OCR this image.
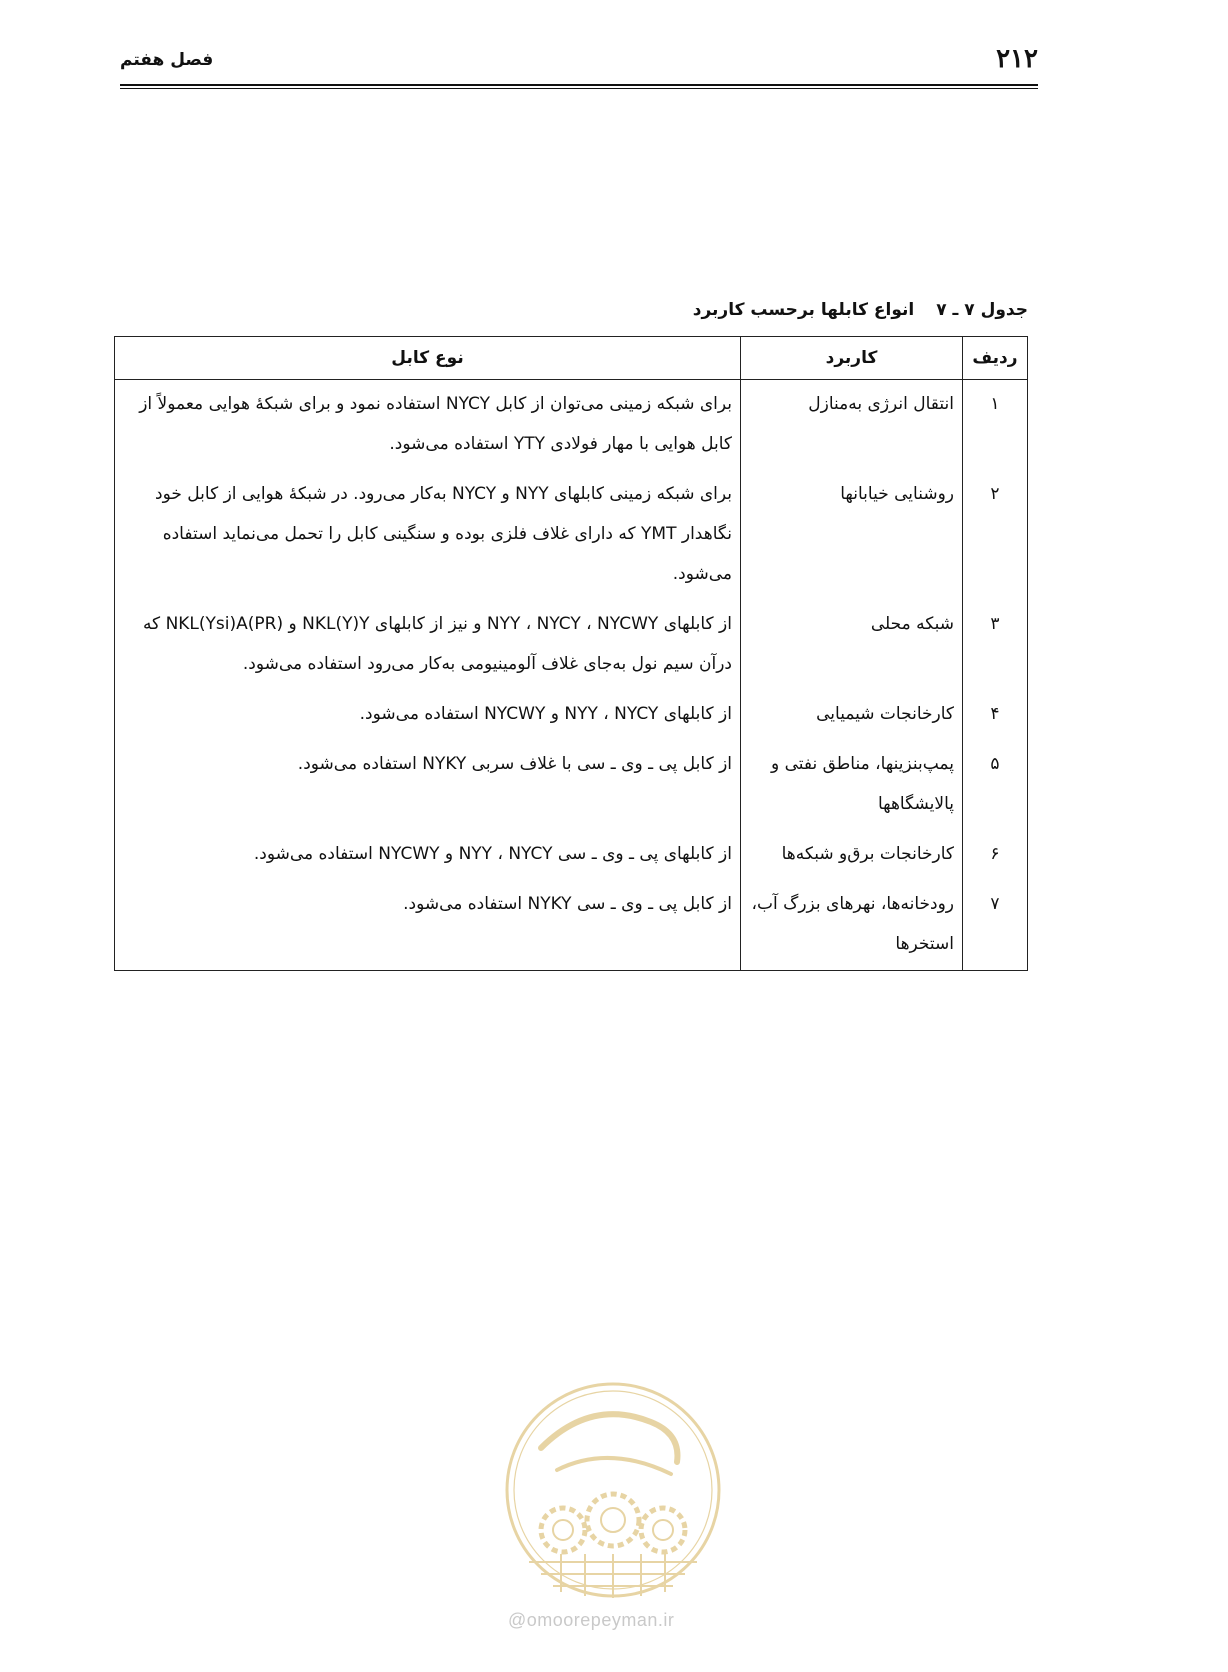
۲۱۲
فصل هفتم
جدول ۷ ـ ۷انواع کابلها برحسب کاربرد
ردیف	کاربرد	نوع کابل
۱	انتقال انرژی به‌منازل	برای شبکه زمینی می‌توان از کابل NYCY استفاده نمود و برای شبکهٔ هوایی معمولاً از کابل هوایی با مهار فولادی YTY استفاده می‌شود.
۲	روشنایی خیابانها	برای شبکه زمینی کابلهای NYY و NYCY به‌کار می‌رود. در شبکهٔ هوایی از کابل خود نگاهدار YMT که دارای غلاف فلزی بوده و سنگینی کابل را تحمل می‌نماید استفاده می‌شود.
۳	شبکه محلی	از کابلهای NYY ، NYCY ، NYCWY و نیز از کابلهای NKL(Y)Y و NKL(Ysi)A(PR) که درآن سیم نول به‌جای غلاف آلومینیومی به‌کار می‌رود استفاده می‌شود.
۴	کارخانجات شیمیایی	از کابلهای NYY ، NYCY و NYCWY استفاده می‌شود.
۵	پمپ‌بنزینها، مناطق نفتی و پالایشگاهها	از کابل پی ـ وی ـ سی با غلاف سربی NYKY استفاده می‌شود.
۶	کارخانجات برق‌و شبکه‌ها	از کابلهای پی ـ وی ـ سی NYY ، NYCY و NYCWY استفاده می‌شود.
۷	رودخانه‌ها، نهرهای بزرگ آب، استخرها	از کابل پی ـ وی ـ سی NYKY استفاده می‌شود.
@omoorepeyman.ir
